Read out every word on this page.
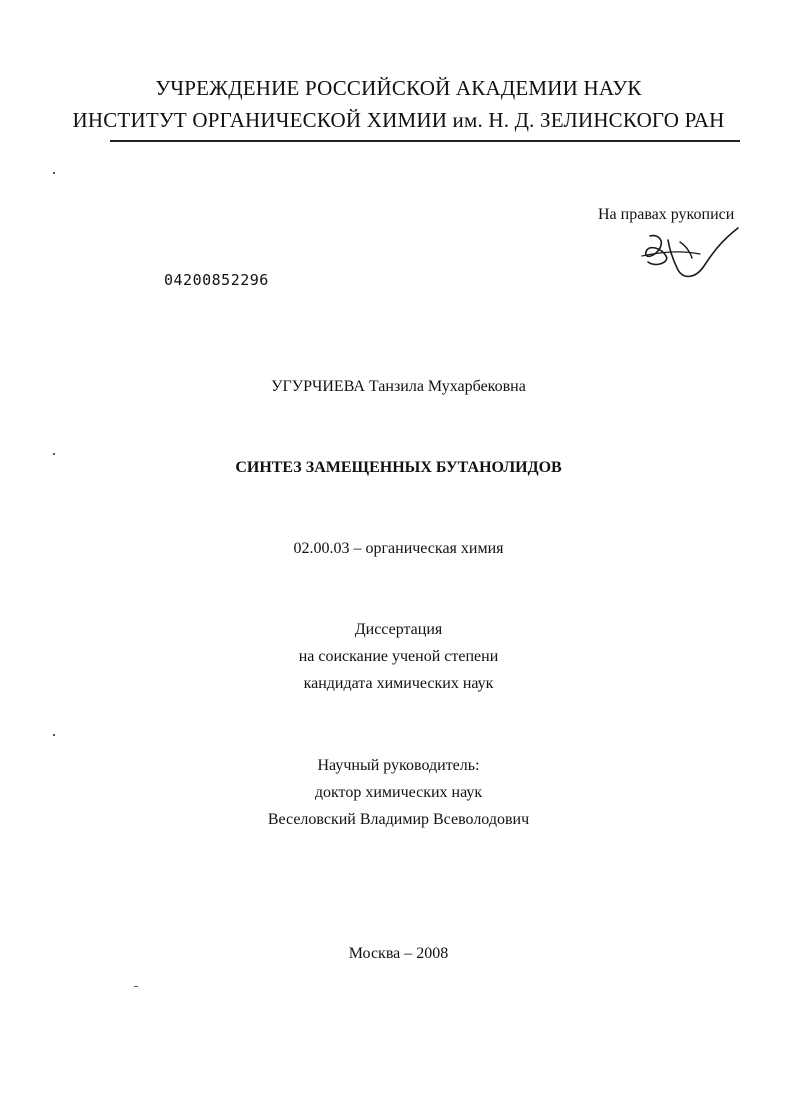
УЧРЕЖДЕНИЕ РОССИЙСКОЙ АКАДЕМИИ НАУК
ИНСТИТУТ ОРГАНИЧЕСКОЙ ХИМИИ им. Н. Д. ЗЕЛИНСКОГО РАН
На правах рукописи
04200852296
УГУРЧИЕВА Танзила Мухарбековна
СИНТЕЗ ЗАМЕЩЕННЫХ БУТАНОЛИДОВ
02.00.03 – органическая химия
Диссертация
на соискание ученой степени
кандидата химических наук
Научный руководитель:
доктор химических наук
Веселовский Владимир Всеволодович
Москва – 2008
